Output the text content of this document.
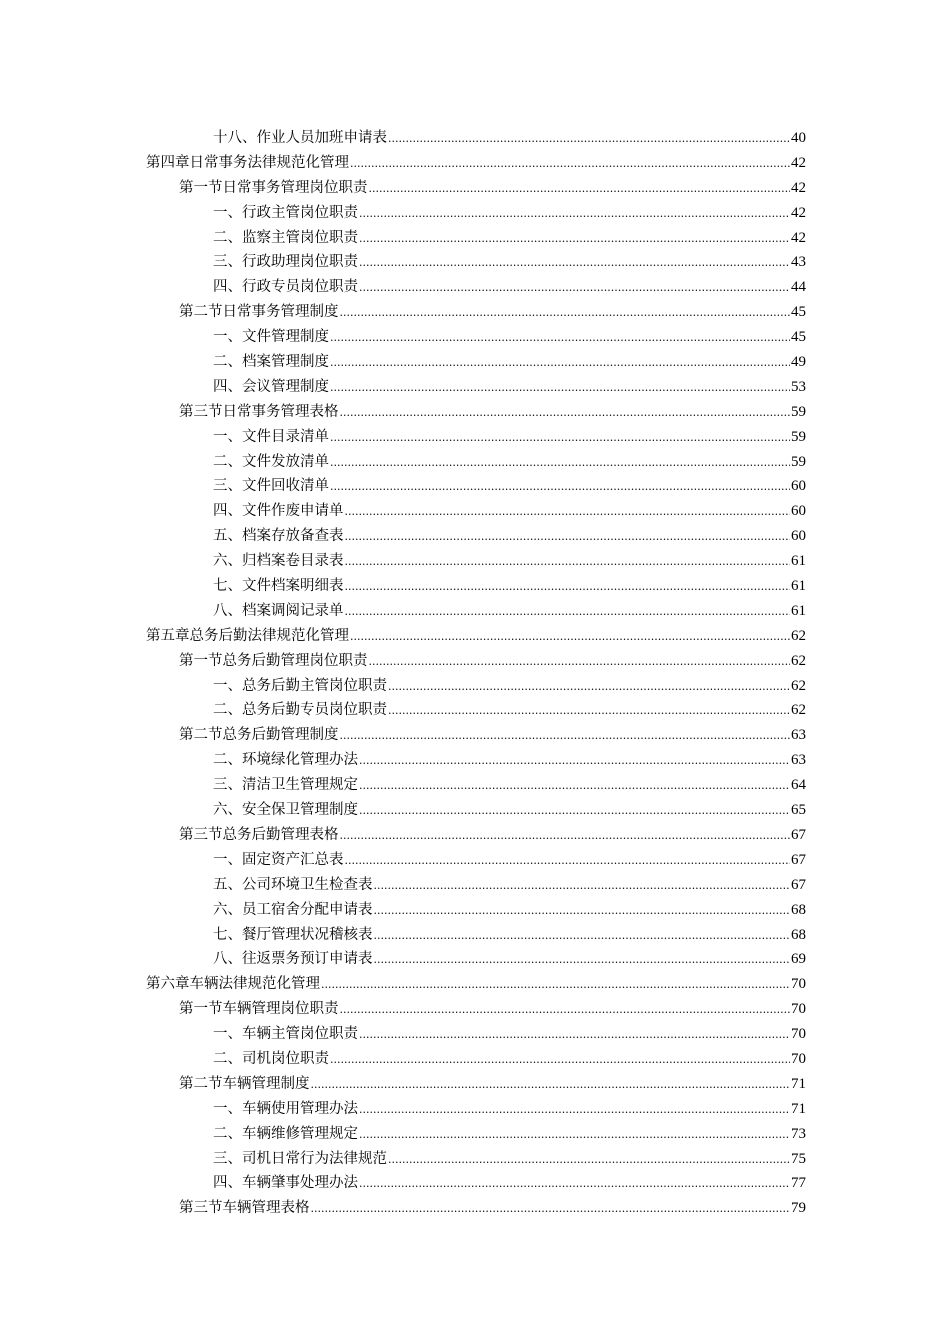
十八、 作业人员加班申请表 .....	40
第四章 日常事务法律规范化管理 .....	42
第一节 日常事务管理岗位职责 .....	42
一、 行政主管岗位职责 .....	42
二、 监察主管岗位职责 .....	42
三、 行政助理岗位职责 .....	43
四、 行政专员岗位职责 .....	44
第二节 日常事务管理制度 .....	45
一、 文件管理制度 .....	45
二、 档案管理制度 .....	49
四、 会议管理制度 .....	53
第三节 日常事务管理表格 .....	59
一、 文件目录清单 .....	59
二、 文件发放清单 .....	59
三、 文件回收清单 .....	60
四、 文件作废申请单 .....	60
五、 档案存放备查表 .....	60
六、 归档案卷目录表 .....	61
七、 文件档案明细表 .....	61
八、 档案调阅记录单 .....	61
第五章 总务后勤法律规范化管理 .....	62
第一节 总务后勤管理岗位职责 .....	62
一、 总务后勤主管岗位职责 .....	62
二、 总务后勤专员岗位职责 .....	62
第二节 总务后勤管理制度 .....	63
二、 环境绿化管理办法 .....	63
三、 清洁卫生管理规定 .....	64
六、 安全保卫管理制度 .....	65
第三节 总务后勤管理表格 .....	67
一、 固定资产汇总表 .....	67
五、 公司环境卫生检查表 .....	67
六、 员工宿舍分配申请表 .....	68
七、 餐厅管理状况稽核表 .....	68
八、 往返票务预订申请表 .....	69
第六章 车辆法律规范化管理 .....	70
第一节 车辆管理岗位职责 .....	70
一、 车辆主管岗位职责 .....	70
二、 司机岗位职责 .....	70
第二节 车辆管理制度 .....	71
一、 车辆使用管理办法 .....	71
二、 车辆维修管理规定 .....	73
三、 司机日常行为法律规范 .....	75
四、 车辆肇事处理办法 .....	77
第三节 车辆管理表格 .....	79
